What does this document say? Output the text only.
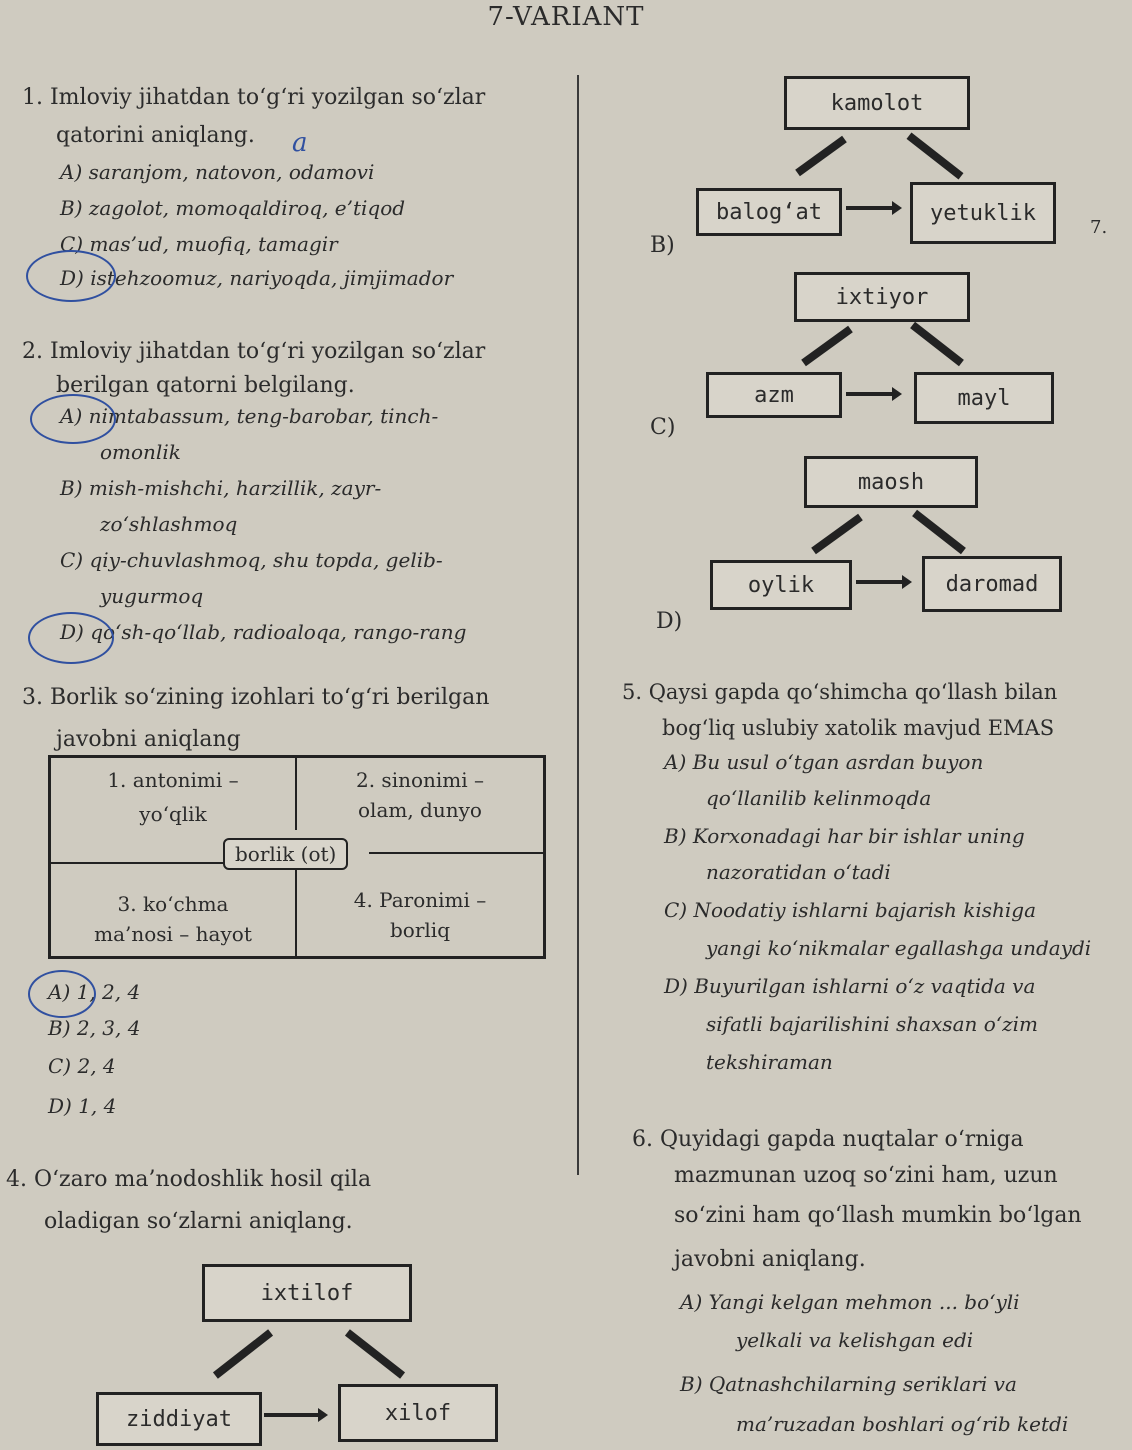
7-VARIANT
1. Imloviy jihatdan to‘g‘ri yozilgan so‘zlar
qatorini aniqlang. a
A) saranjom, natovon, odamovi
B) zagolot, momoqaldiroq, e’tiqod
C) mas’ud, muofiq, tamagir
D) istehzoomuz, nariyoqda, jimjimador
2. Imloviy jihatdan to‘g‘ri yozilgan so‘zlar
berilgan qatorni belgilang.
A) nimtabassum, teng-barobar, tinch-
omonlik
B) mish-mishchi, harzillik, zayr-
zo‘shlashmoq
C) qiy-chuvlashmoq, shu topda, gelib-
yugurmoq
D) qo‘sh-qo‘llab, radioaloqa, rango-rang
3. Borlik so‘zining izohlari to‘g‘ri berilgan
javobni aniqlang
1. antonimi –
yo‘qlik
2. sinonimi –
olam, dunyo
borlik (ot)
3. ko‘chma
ma’nosi – hayot
4. Paronimi –
borliq
A) 1, 2, 4
B) 2, 3, 4
C) 2, 4
D) 1, 4
4. O‘zaro ma’nodoshlik hosil qila
oladigan so‘zlarni aniqlang.
ixtilof
ziddiyat	xilof
kamolot
balog‘at	yetuklik
B)
7.
ixtiyor
azm	mayl
C)
maosh
oylik	daromad
D)
5. Qaysi gapda qo‘shimcha qo‘llash bilan
bog‘liq uslubiy xatolik mavjud EMAS
A) Bu usul o‘tgan asrdan buyon
qo‘llanilib kelinmoqda
B) Korxonadagi har bir ishlar uning
nazoratidan o‘tadi
C) Noodatiy ishlarni bajarish kishiga
yangi ko‘nikmalar egallashga undaydi
D) Buyurilgan ishlarni o‘z vaqtida va
sifatli bajarilishini shaxsan o‘zim
tekshiraman
6. Quyidagi gapda nuqtalar o‘rniga
mazmunan uzoq so‘zini ham, uzun
so‘zini ham qo‘llash mumkin bo‘lgan
javobni aniqlang.
A) Yangi kelgan mehmon ... bo‘yli
yelkali va kelishgan edi
B) Qatnashchilarning seriklari va
ma’ruzadan boshlari og‘rib ketdi
